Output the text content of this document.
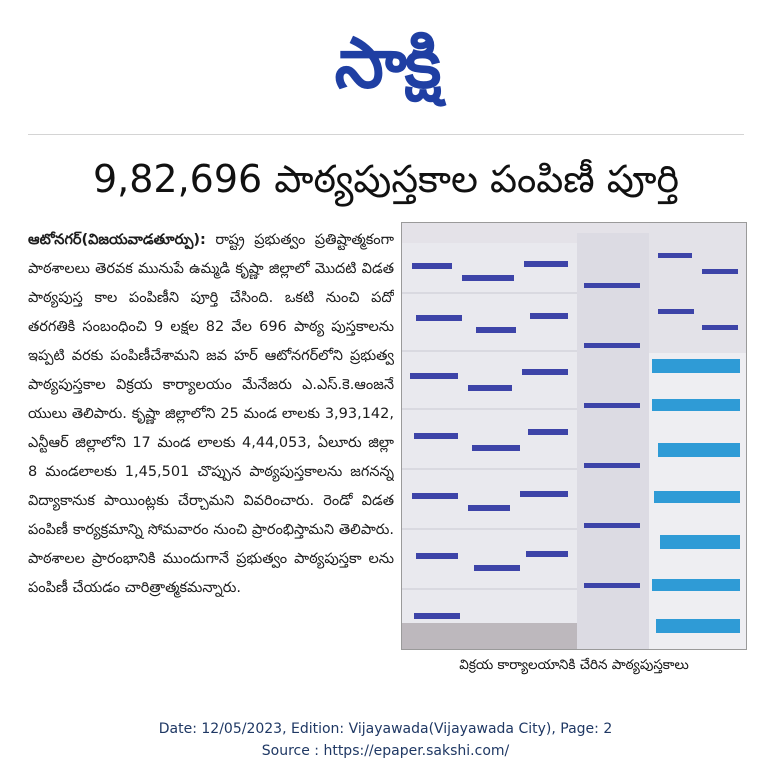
సాక్షి
9,82,696 పాఠ్యపుస్తకాల పంపిణీ పూర్తి
ఆటోనగర్(విజయవాడతూర్పు): రాష్ట్ర ప్రభుత్వం ప్రతిష్టాత్మకంగా పాఠశాలలు తెరవక మునుపే ఉమ్మడి కృష్ణా జిల్లాలో మొదటి విడత పాఠ్యపుస్త కాల పంపిణీని పూర్తి చేసింది. ఒకటి నుంచి పదో తరగతికి సంబంధించి 9 లక్షల 82 వేల 696 పాఠ్య పుస్తకాలను ఇప్పటి వరకు పంపిణీచేశామని జవ హర్ ఆటోనగర్‌లోని ప్రభుత్వ పాఠ్యపుస్తకాల విక్రయ కార్యాలయం మేనేజరు ఎ.ఎస్.కె.ఆంజనే యులు తెలిపారు. కృష్ణా జిల్లాలోని 25 మండ లాలకు 3,93,142, ఎన్టీఆర్ జిల్లాలోని 17 మండ లాలకు 4,44,053, ఏలూరు జిల్లా 8 మండలాలకు 1,45,501 చొప్పున పాఠ్యపుస్తకాలను జగనన్న విద్యాకానుక పాయింట్లకు చేర్చామని వివరించారు. రెండో విడత పంపిణీ కార్యక్రమాన్ని సోమవారం నుంచి ప్రారంభిస్తామని తెలిపారు. పాఠశాలల ప్రారంభానికి ముందుగానే ప్రభుత్వం పాఠ్యపుస్తకా లను పంపిణీ చేయడం చారిత్రాత్మకమన్నారు.
విక్రయ కార్యాలయానికి చేరిన పాఠ్యపుస్తకాలు
Date: 12/05/2023, Edition: Vijayawada(Vijayawada City), Page: 2
Source : https://epaper.sakshi.com/
